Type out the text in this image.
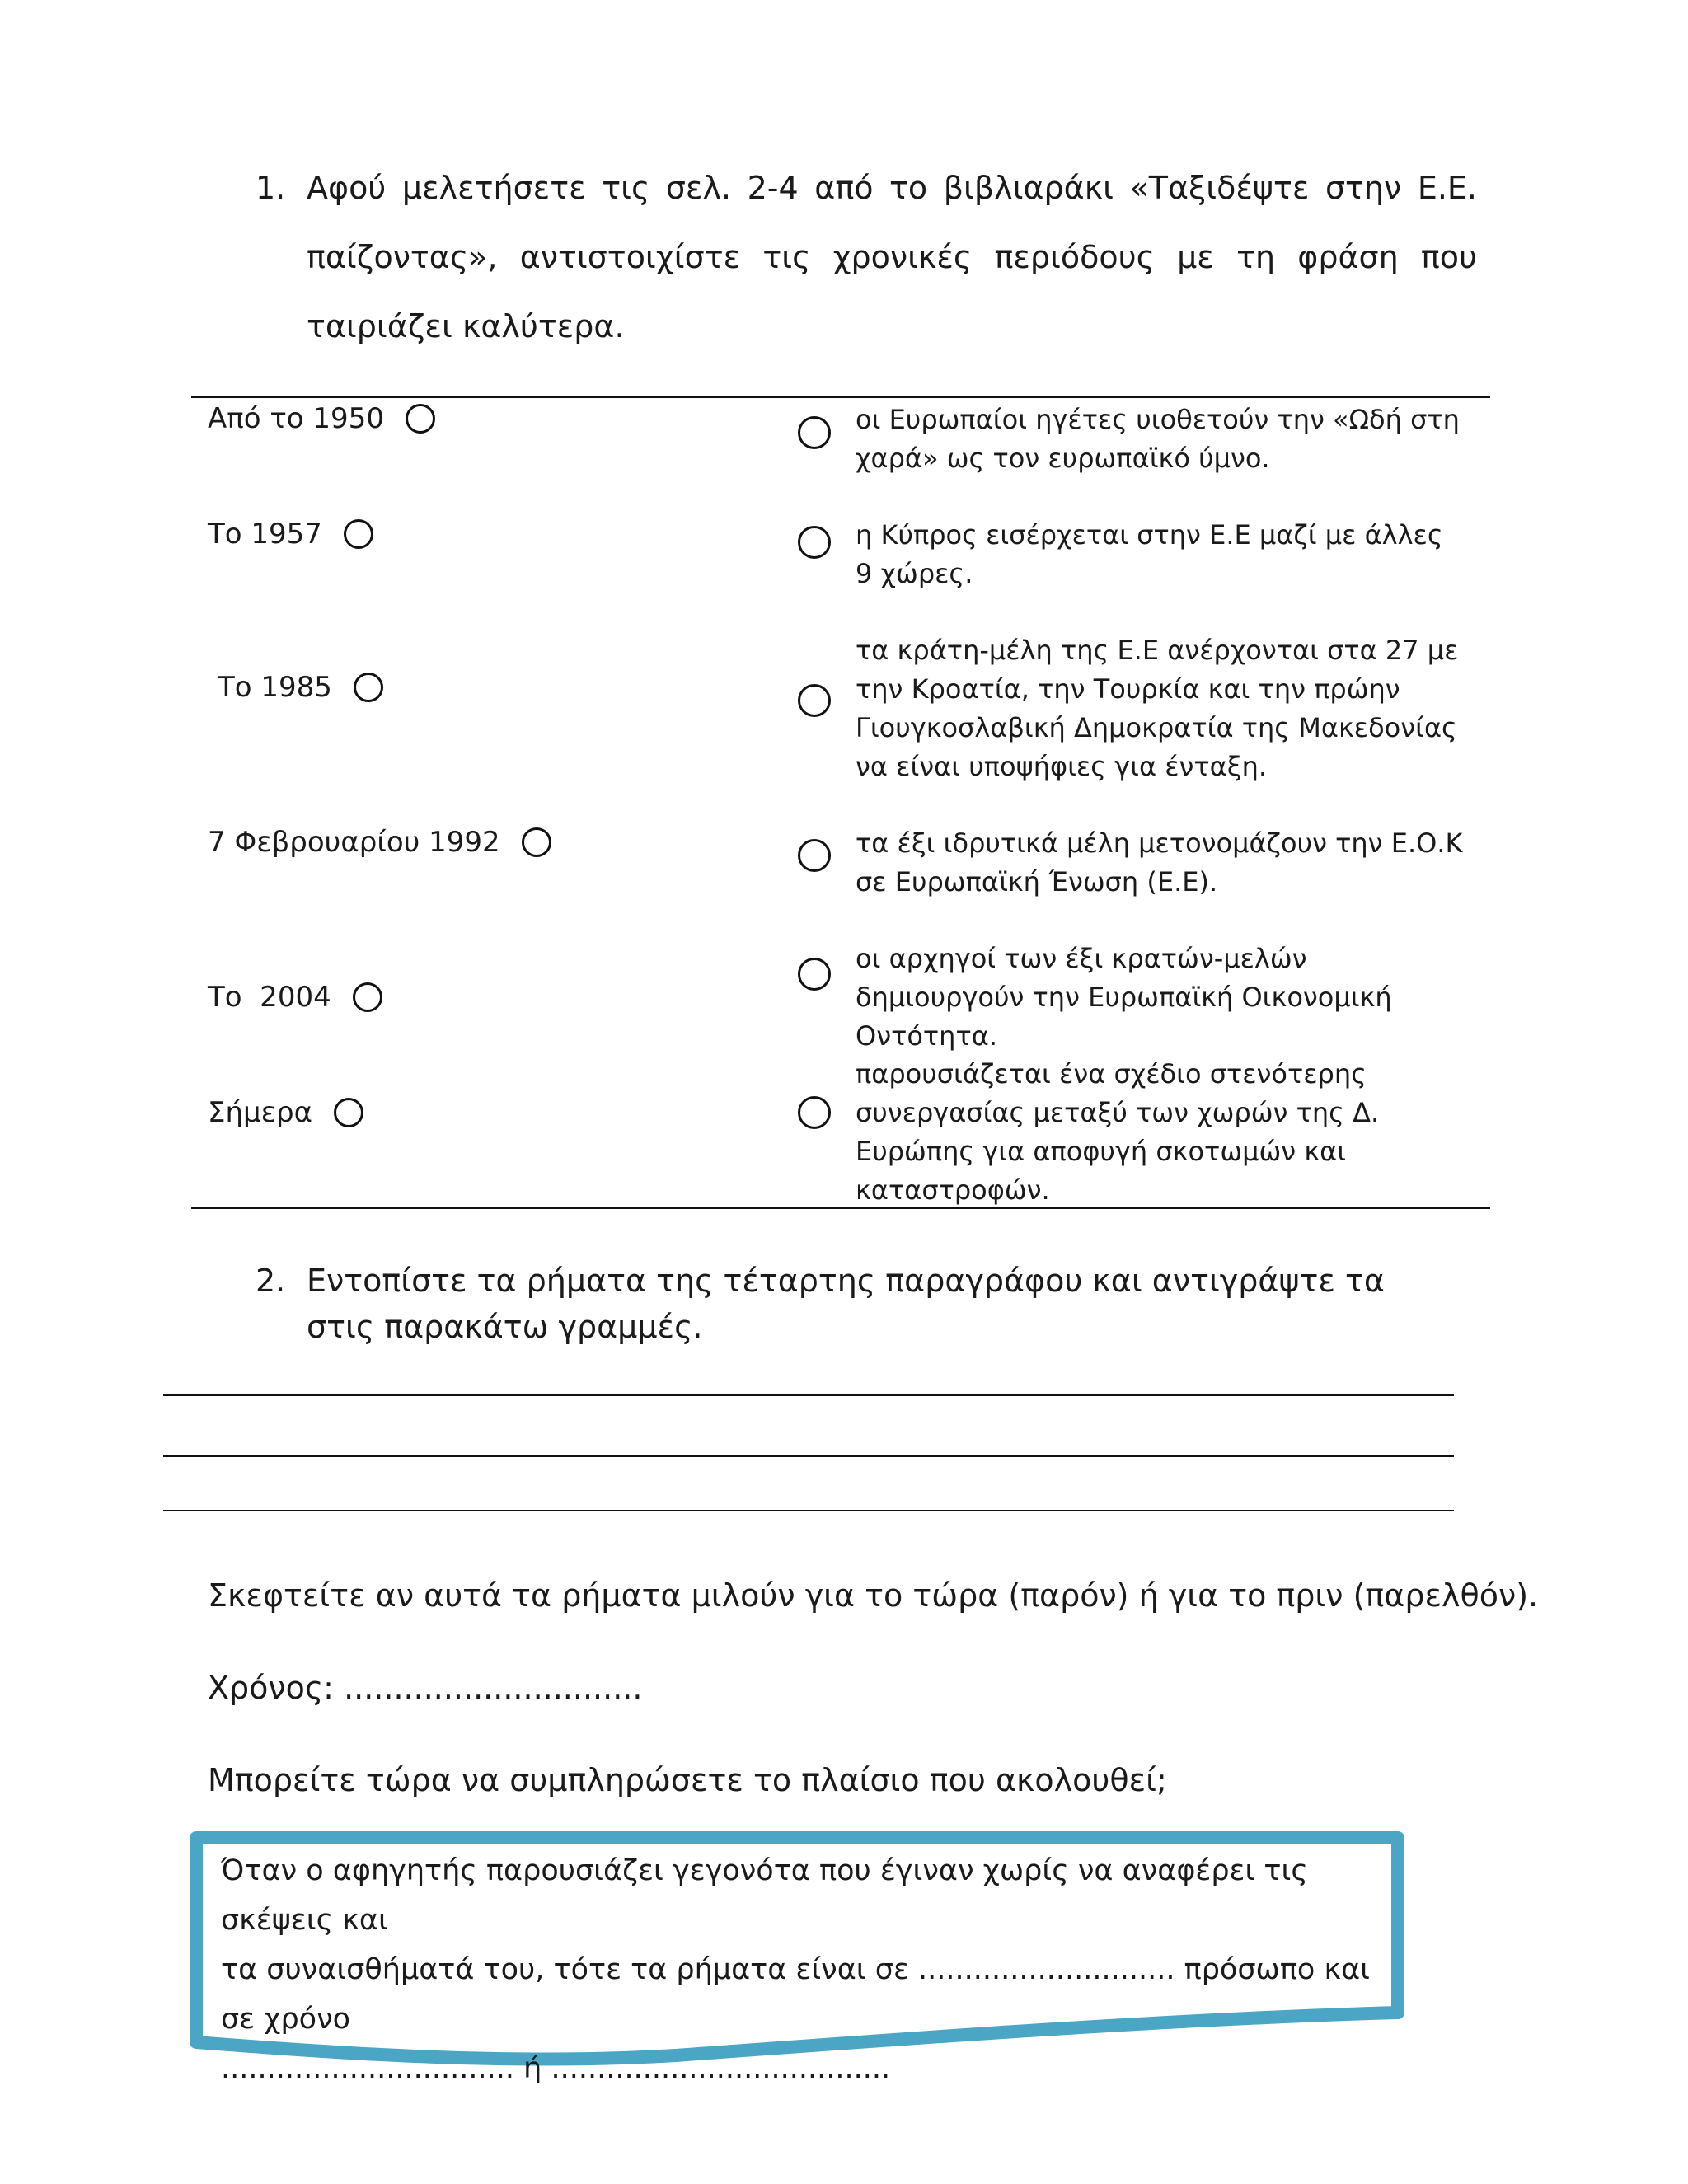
1. Αφού μελετήσετε τις σελ. 2-4 από το βιβλιαράκι «Ταξιδέψτε στην Ε.Ε. παίζοντας», αντιστοιχίστε τις χρονικές περιόδους με τη φράση που ταιριάζει καλύτερα.
Από το 1950
Το 1957
Το 1985
7 Φεβρουαρίου 1992
Το  2004
Σήμερα
οι Ευρωπαίοι ηγέτες υιοθετούν την «Ωδή στη χαρά» ως τον ευρωπαϊκό ύμνο.
η Κύπρος εισέρχεται στην Ε.Ε μαζί με άλλες 9 χώρες.
τα κράτη-μέλη της Ε.Ε ανέρχονται στα 27 με την Κροατία, την Τουρκία και την πρώην Γιουγκοσλαβική Δημοκρατία της Μακεδονίας να είναι υποψήφιες για ένταξη.
τα έξι ιδρυτικά μέλη μετονομάζουν την Ε.Ο.Κ σε Ευρωπαϊκή Ένωση (Ε.Ε).
οι αρχηγοί των έξι κρατών-μελών δημιουργούν την Ευρωπαϊκή Οικονομική Οντότητα.
παρουσιάζεται ένα σχέδιο στενότερης συνεργασίας μεταξύ των χωρών της Δ. Ευρώπης για αποφυγή σκοτωμών και καταστροφών.
2. Εντοπίστε τα ρήματα της τέταρτης παραγράφου και αντιγράψτε τα στις παρακάτω γραμμές.
Σκεφτείτε αν αυτά τα ρήματα μιλούν για το τώρα (παρόν) ή για το πριν (παρελθόν).
Χρόνος: ..............................
Μπορείτε τώρα να συμπληρώσετε το πλαίσιο που ακολουθεί;
Όταν ο αφηγητής παρουσιάζει γεγονότα που έγιναν χωρίς να αναφέρει τις σκέψεις και
τα συναισθήματά του, τότε τα ρήματα είναι σε ............................ πρόσωπο και σε χρόνο
................................ ή .....................................
